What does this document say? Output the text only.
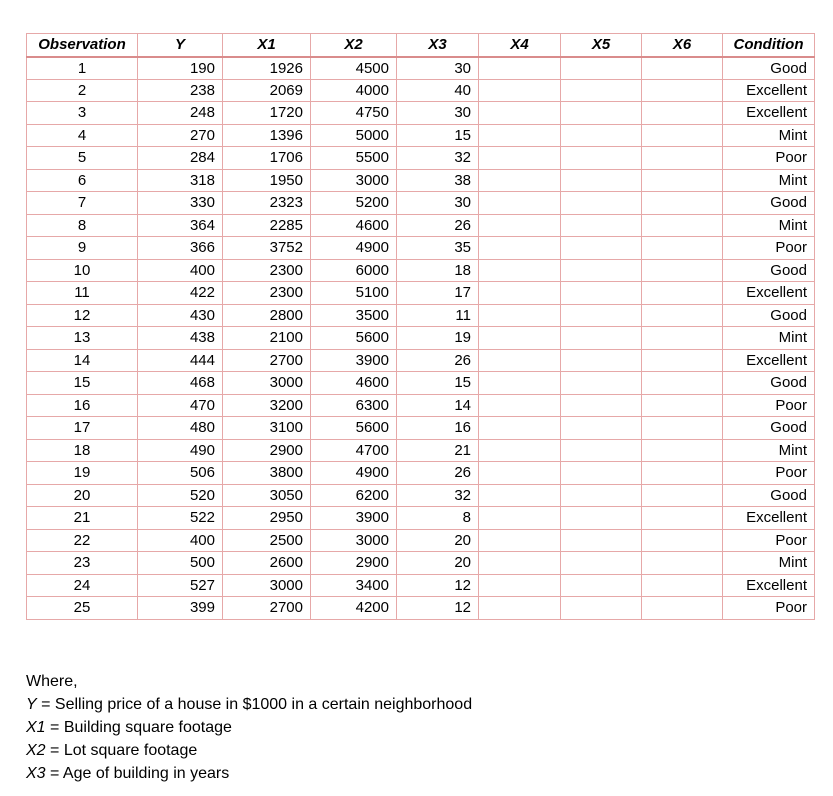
Observation	Y	X1	X2	X3	X4	X5	X6	Condition
1	190	1926	4500	30				Good
2	238	2069	4000	40				Excellent
3	248	1720	4750	30				Excellent
4	270	1396	5000	15				Mint
5	284	1706	5500	32				Poor
6	318	1950	3000	38				Mint
7	330	2323	5200	30				Good
8	364	2285	4600	26				Mint
9	366	3752	4900	35				Poor
10	400	2300	6000	18				Good
11	422	2300	5100	17				Excellent
12	430	2800	3500	11				Good
13	438	2100	5600	19				Mint
14	444	2700	3900	26				Excellent
15	468	3000	4600	15				Good
16	470	3200	6300	14				Poor
17	480	3100	5600	16				Good
18	490	2900	4700	21				Mint
19	506	3800	4900	26				Poor
20	520	3050	6200	32				Good
21	522	2950	3900	8				Excellent
22	400	2500	3000	20				Poor
23	500	2600	2900	20				Mint
24	527	3000	3400	12				Excellent
25	399	2700	4200	12				Poor
Where,
Y = Selling price of a house in $1000 in a certain neighborhood
X1 = Building square footage
X2 = Lot square footage
X3 = Age of building in years
